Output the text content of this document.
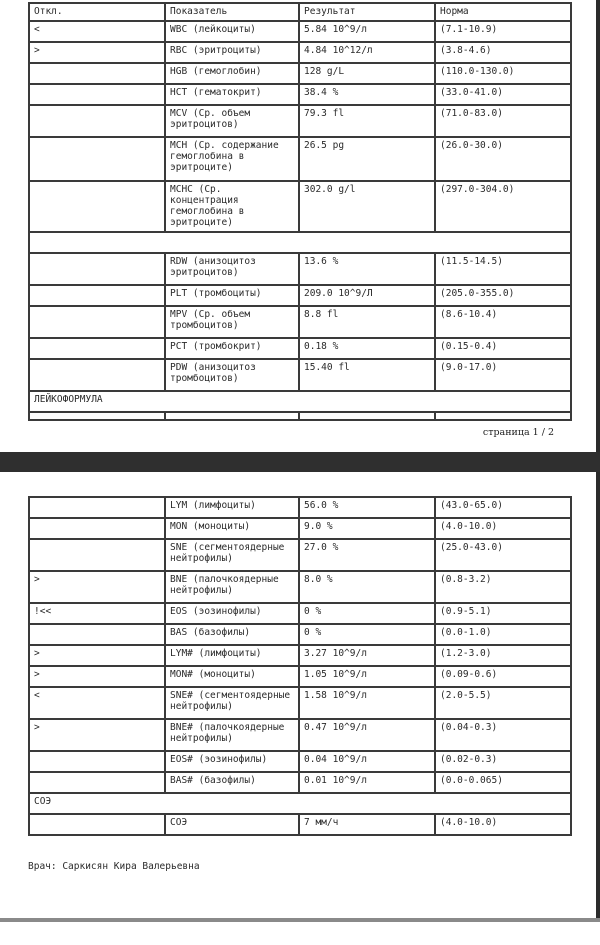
Откл.	Показатель	Результат	Норма
<	WBC (лейкоциты)	5.84 10^9/л	(7.1-10.9)
>	RBC (эритроциты)	4.84 10^12/л	(3.8-4.6)
	HGB (гемоглобин)	128 g/L	(110.0-130.0)
	HCT (гематокрит)	38.4 %	(33.0-41.0)
	MCV (Ср. объем
эритроцитов)	79.3 fl	(71.0-83.0)
	MCH (Ср. содержание
гемоглобина в
эритроците)	26.5 pg	(26.0-30.0)
	MCHC (Ср. концентрация
гемоглобина в
эритроците)	302.0 g/l	(297.0-304.0)

	RDW (анизоцитоз
эритроцитов)	13.6 %	(11.5-14.5)
	PLT (тромбоциты)	209.0 10^9/Л	(205.0-355.0)
	MPV (Ср. объем
тромбоцитов)	8.8 fl	(8.6-10.4)
	PCT (тромбокрит)	0.18 %	(0.15-0.4)
	PDW (анизоцитоз
тромбоцитов)	15.40 fl	(9.0-17.0)
ЛЕЙКОФОРМУЛА			

страница 1 / 2
	LYM (лимфоциты)	56.0 %	(43.0-65.0)
	MON (моноциты)	9.0 %	(4.0-10.0)
	SNE (сегментоядерные
нейтрофилы)	27.0 %	(25.0-43.0)
>	BNE (палочкоядерные
нейтрофилы)	8.0 %	(0.8-3.2)
!<<	EOS (эозинофилы)	0 %	(0.9-5.1)
	BAS (базофилы)	0 %	(0.0-1.0)
>	LYM# (лимфоциты)	3.27 10^9/л	(1.2-3.0)
>	MON# (моноциты)	1.05 10^9/л	(0.09-0.6)
<	SNE# (сегментоядерные
нейтрофилы)	1.58 10^9/л	(2.0-5.5)
>	BNE# (палочкоядерные
нейтрофилы)	0.47 10^9/л	(0.04-0.3)
	EOS# (эозинофилы)	0.04 10^9/л	(0.02-0.3)
	BAS# (базофилы)	0.01 10^9/л	(0.0-0.065)
СОЭ			
	СОЭ	7 мм/ч	(4.0-10.0)
Врач: Саркисян Кира Валерьевна
